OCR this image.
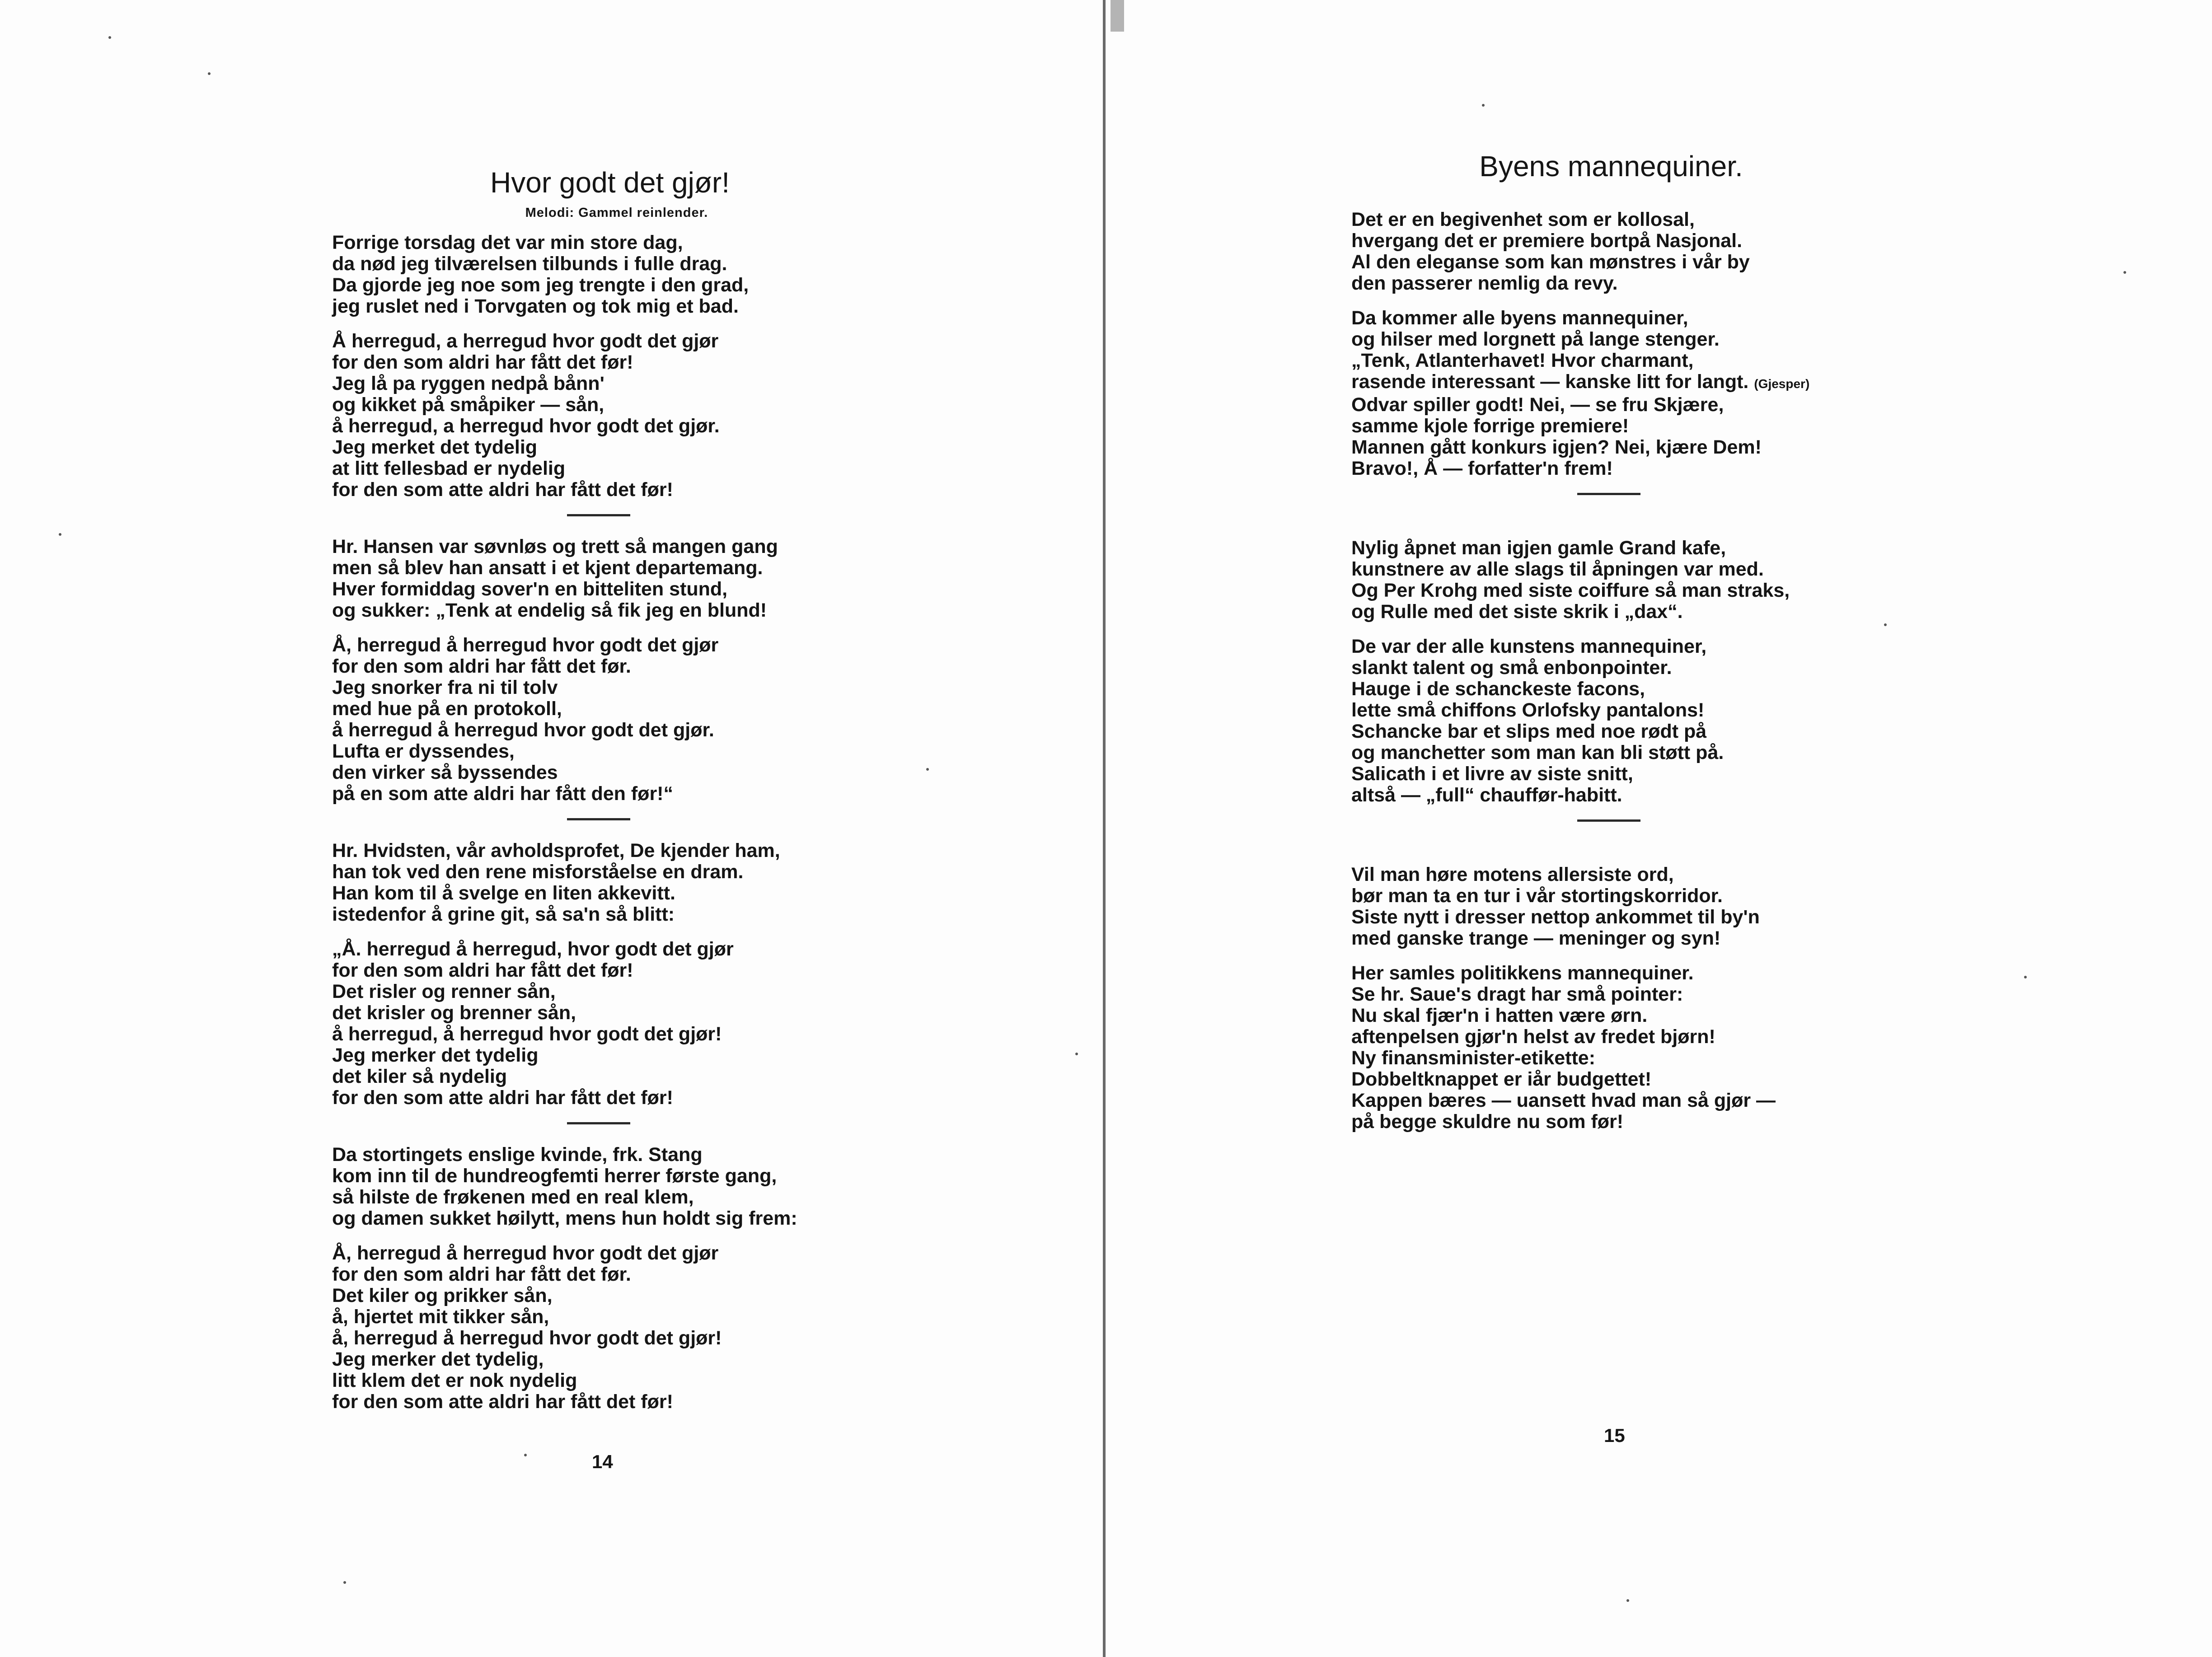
Hvor godt det gjør!
Melodi: Gammel reinlender.
Forrige torsdag det var min store dag,
da nød jeg tilværelsen tilbunds i fulle drag.
Da gjorde jeg noe som jeg trengte i den grad,
jeg ruslet ned i Torvgaten og tok mig et bad.
Å herregud, a herregud hvor godt det gjør
for den som aldri har fått det før!
Jeg lå pa ryggen nedpå bånn'
og kikket på småpiker — sån,
å herregud, a herregud hvor godt det gjør.
Jeg merket det tydelig
at litt fellesbad er nydelig
for den som atte aldri har fått det før!
Hr. Hansen var søvnløs og trett så mangen gang
men så blev han ansatt i et kjent departemang.
Hver formiddag sover'n en bitteliten stund,
og sukker: „Tenk at endelig så fik jeg en blund!
Å, herregud å herregud hvor godt det gjør
for den som aldri har fått det før.
Jeg snorker fra ni til tolv
med hue på en protokoll,
å herregud å herregud hvor godt det gjør.
Lufta er dyssendes,
den virker så byssendes
på en som atte aldri har fått den før!“
Hr. Hvidsten, vår avholdsprofet, De kjender ham,
han tok ved den rene misforståelse en dram.
Han kom til å svelge en liten akkevitt.
istedenfor å grine git, så sa'n så blitt:
„Å. herregud å herregud, hvor godt det gjør
for den som aldri har fått det før!
Det risler og renner sån,
det krisler og brenner sån,
å herregud, å herregud hvor godt det gjør!
Jeg merker det tydelig
det kiler så nydelig
for den som atte aldri har fått det før!
Da stortingets enslige kvinde, frk. Stang
kom inn til de hundreogfemti herrer første gang,
så hilste de frøkenen med en real klem,
og damen sukket høilytt, mens hun holdt sig frem:
Å, herregud å herregud hvor godt det gjør
for den som aldri har fått det før.
Det kiler og prikker sån,
å, hjertet mit tikker sån,
å, herregud å herregud hvor godt det gjør!
Jeg merker det tydelig,
litt klem det er nok nydelig
for den som atte aldri har fått det før!
14
Byens mannequiner.
Det er en begivenhet som er kollosal,
hvergang det er premiere bortpå Nasjonal.
Al den eleganse som kan mønstres i vår by
den passerer nemlig da revy.
Da kommer alle byens mannequiner,
og hilser med lorgnett på lange stenger.
„Tenk, Atlanterhavet! Hvor charmant,
rasende interessant — kanske litt for langt. (Gjesper)
Odvar spiller godt! Nei, — se fru Skjære,
samme kjole forrige premiere!
Mannen gått konkurs igjen? Nei, kjære Dem!
Bravo!, Å — forfatter'n frem!
Nylig åpnet man igjen gamle Grand kafe,
kunstnere av alle slags til åpningen var med.
Og Per Krohg med siste coiffure så man straks,
og Rulle med det siste skrik i „dax“.
De var der alle kunstens mannequiner,
slankt talent og små enbonpointer.
Hauge i de schanckeste facons,
lette små chiffons Orlofsky pantalons!
Schancke bar et slips med noe rødt på
og manchetter som man kan bli støtt på.
Salicath i et livre av siste snitt,
altså — „full“ chauffør-habitt.
Vil man høre motens allersiste ord,
bør man ta en tur i vår stortingskorridor.
Siste nytt i dresser nettop ankommet til by'n
med ganske trange — meninger og syn!
Her samles politikkens mannequiner.
Se hr. Saue's dragt har små pointer:
Nu skal fjær'n i hatten være ørn.
aftenpelsen gjør'n helst av fredet bjørn!
Ny finansminister-etikette:
Dobbeltknappet er iår budgettet!
Kappen bæres — uansett hvad man så gjør —
på begge skuldre nu som før!
15
